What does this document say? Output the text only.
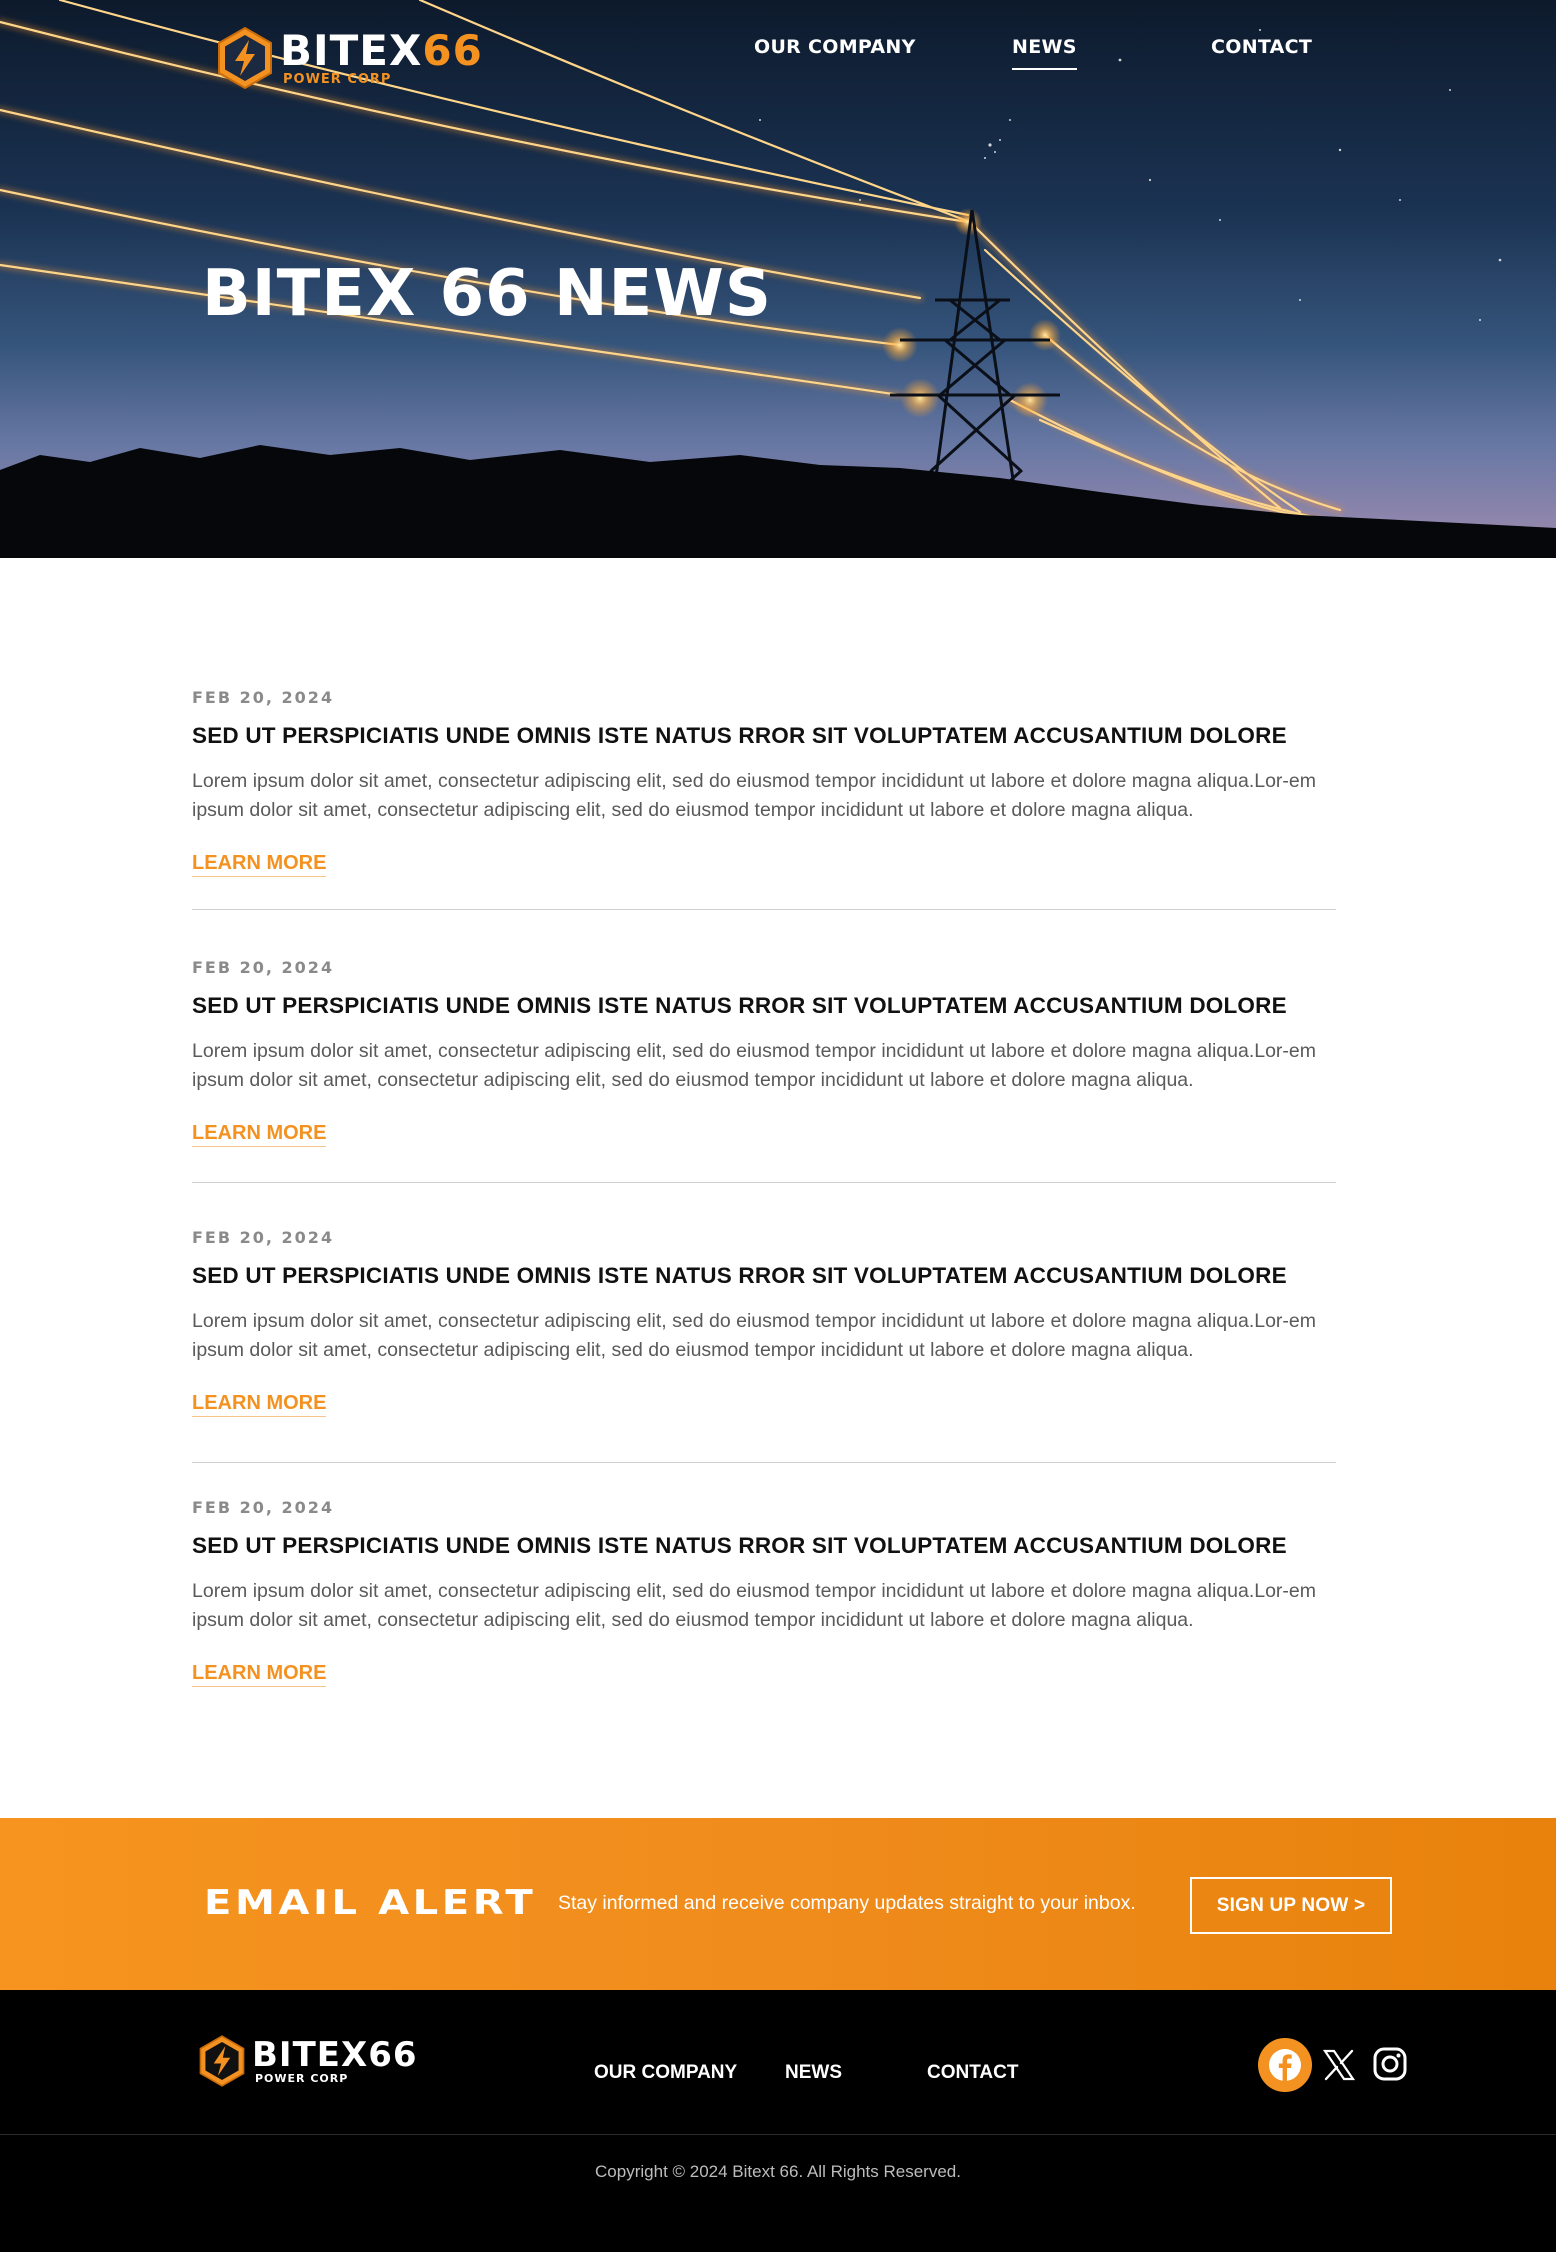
BITEX66
POWER CORP
OUR COMPANY	NEWS	CONTACT
BITEX 66 NEWS
FEB 20, 2024
SED UT PERSPICIATIS UNDE OMNIS ISTE NATUS RROR SIT VOLUPTATEM ACCUSANTIUM DOLORE

Lorem ipsum dolor sit amet, consectetur adipiscing elit, sed do eiusmod tempor incididunt ut labore et dolore magna aliqua.Lor-em ipsum dolor sit amet, consectetur adipiscing elit, sed do eiusmod tempor incididunt ut labore et dolore magna aliqua.

LEARN MORE
FEB 20, 2024
SED UT PERSPICIATIS UNDE OMNIS ISTE NATUS RROR SIT VOLUPTATEM ACCUSANTIUM DOLORE

Lorem ipsum dolor sit amet, consectetur adipiscing elit, sed do eiusmod tempor incididunt ut labore et dolore magna aliqua.Lor-em ipsum dolor sit amet, consectetur adipiscing elit, sed do eiusmod tempor incididunt ut labore et dolore magna aliqua.

LEARN MORE
FEB 20, 2024
SED UT PERSPICIATIS UNDE OMNIS ISTE NATUS RROR SIT VOLUPTATEM ACCUSANTIUM DOLORE

Lorem ipsum dolor sit amet, consectetur adipiscing elit, sed do eiusmod tempor incididunt ut labore et dolore magna aliqua.Lor-em ipsum dolor sit amet, consectetur adipiscing elit, sed do eiusmod tempor incididunt ut labore et dolore magna aliqua.

LEARN MORE
FEB 20, 2024
SED UT PERSPICIATIS UNDE OMNIS ISTE NATUS RROR SIT VOLUPTATEM ACCUSANTIUM DOLORE

Lorem ipsum dolor sit amet, consectetur adipiscing elit, sed do eiusmod tempor incididunt ut labore et dolore magna aliqua.Lor-em ipsum dolor sit amet, consectetur adipiscing elit, sed do eiusmod tempor incididunt ut labore et dolore magna aliqua.

LEARN MORE
EMAIL ALERT Stay informed and receive company updates straight to your inbox.	SIGN UP NOW >
BITEX66
POWER CORP	OUR COMPANY	NEWS	CONTACT
Copyright © 2024 Bitext 66. All Rights Reserved.
